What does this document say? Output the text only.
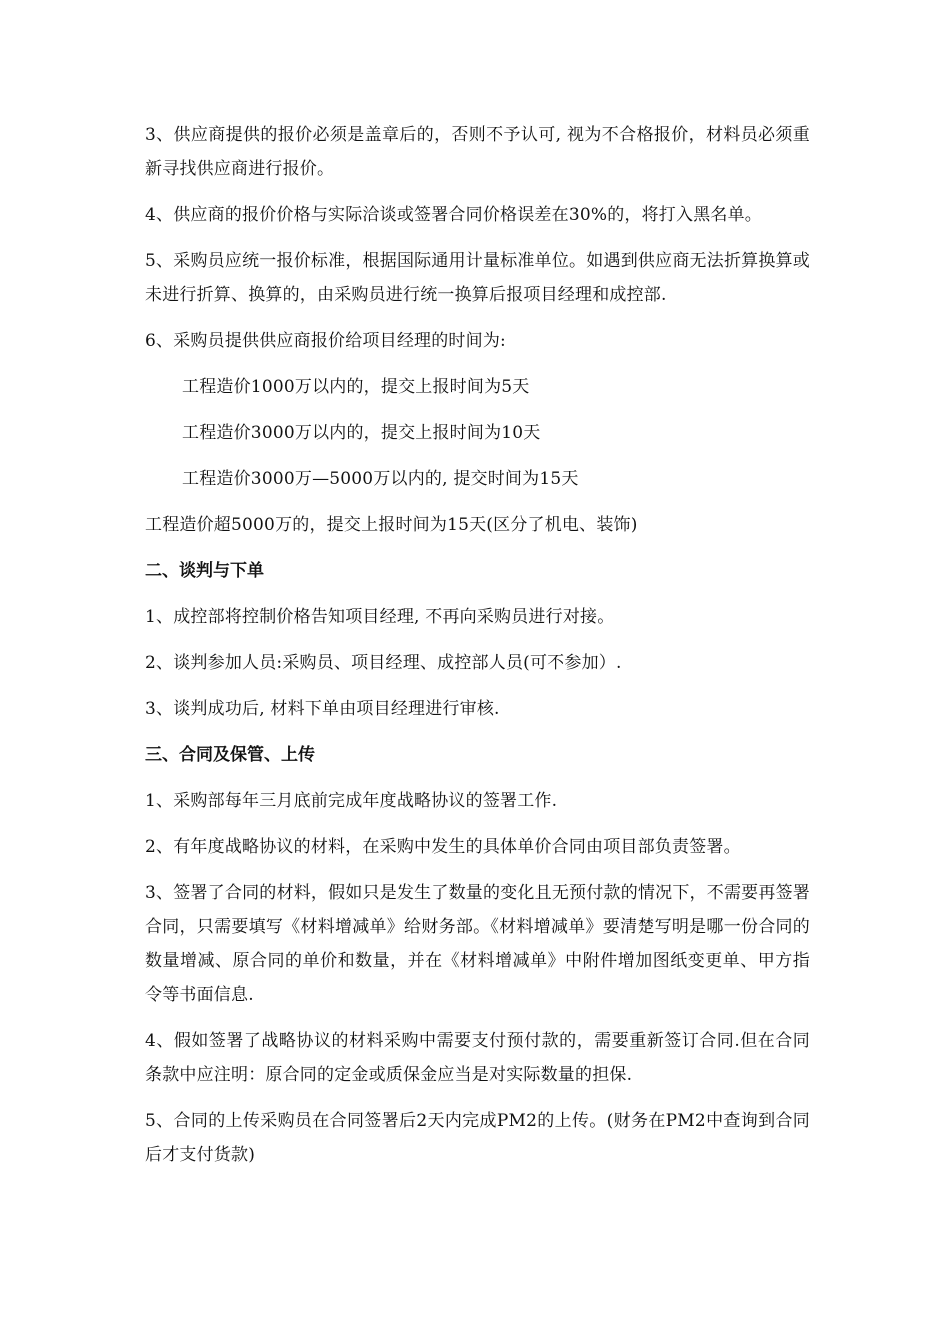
3、供应商提供的报价必须是盖章后的，否则不予认可, 视为不合格报价，材料员必须重新寻找供应商进行报价。

4、供应商的报价价格与实际洽谈或签署合同价格误差在30%的，将打入黑名单。

5、采购员应统一报价标准，根据国际通用计量标准单位。如遇到供应商无法折算换算或未进行折算、换算的，由采购员进行统一换算后报项目经理和成控部.

6、采购员提供供应商报价给项目经理的时间为:

工程造价1000万以内的，提交上报时间为5天

工程造价3000万以内的，提交上报时间为10天

工程造价3000万—5000万以内的, 提交时间为15天

工程造价超5000万的，提交上报时间为15天(区分了机电、装饰)

二、谈判与下单

1、成控部将控制价格告知项目经理, 不再向采购员进行对接。

2、谈判参加人员:采购员、项目经理、成控部人员(可不参加）.

3、谈判成功后, 材料下单由项目经理进行审核.

三、合同及保管、上传

1、采购部每年三月底前完成年度战略协议的签署工作.

2、有年度战略协议的材料，在采购中发生的具体单价合同由项目部负责签署。

3、签署了合同的材料，假如只是发生了数量的变化且无预付款的情况下，不需要再签署合同，只需要填写《材料增减单》给财务部。《材料增减单》要清楚写明是哪一份合同的数量增减、原合同的单价和数量，并在《材料增减单》中附件增加图纸变更单、甲方指令等书面信息.

4、假如签署了战略协议的材料采购中需要支付预付款的，需要重新签订合同.但在合同条款中应注明：原合同的定金或质保金应当是对实际数量的担保.

5、合同的上传采购员在合同签署后2天内完成PM2的上传。(财务在PM2中查询到合同后才支付货款)
